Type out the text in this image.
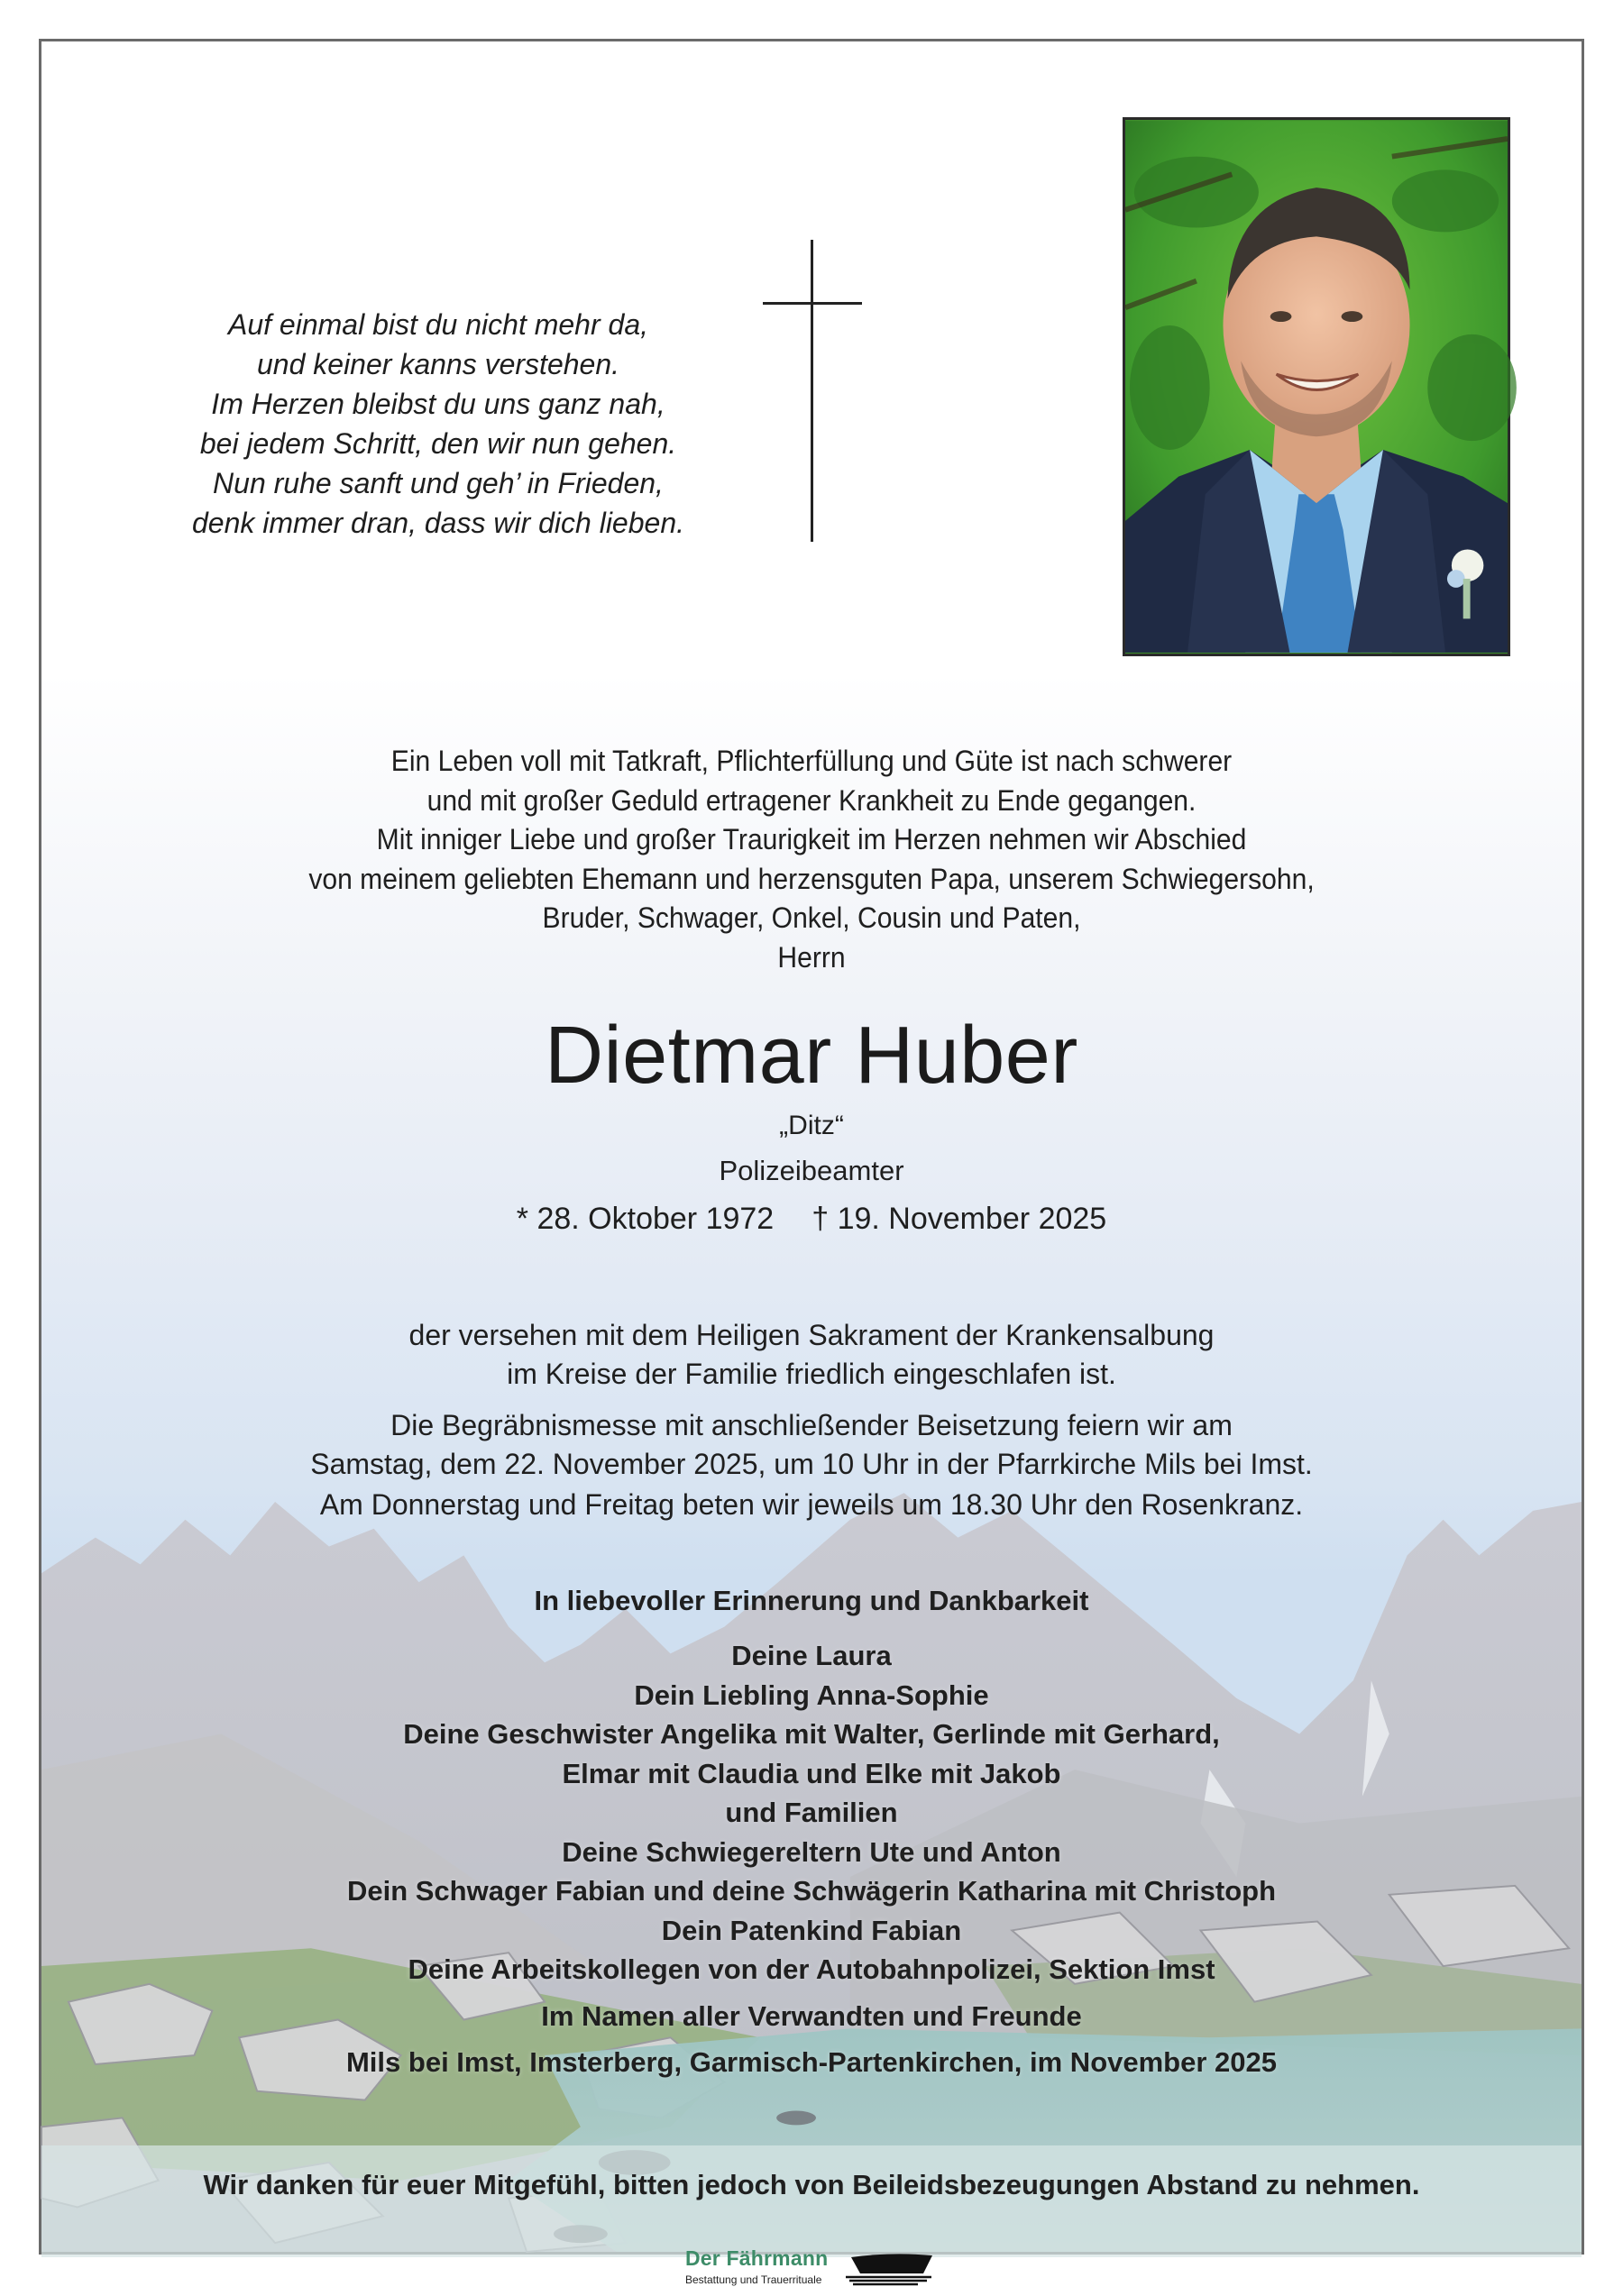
Auf einmal bist du nicht mehr da,
und keiner kanns verstehen.
Im Herzen bleibst du uns ganz nah,
bei jedem Schritt, den wir nun gehen.
Nun ruhe sanft und geh’ in Frieden,
denk immer dran, dass wir dich lieben.
Ein Leben voll mit Tatkraft, Pflichterfüllung und Güte ist nach schwerer
und mit großer Geduld ertragener Krankheit zu Ende gegangen.
Mit inniger Liebe und großer Traurigkeit im Herzen nehmen wir Abschied
von meinem geliebten Ehemann und herzensguten Papa, unserem Schwiegersohn,
Bruder, Schwager, Onkel, Cousin und Paten,
Herrn
Dietmar Huber
„Ditz“
Polizeibeamter
* 28. Oktober 1972 † 19. November 2025
der versehen mit dem Heiligen Sakrament der Krankensalbung
im Kreise der Familie friedlich eingeschlafen ist.
Die Begräbnismesse mit anschließender Beisetzung feiern wir am
Samstag, dem 22. November 2025, um 10 Uhr in der Pfarrkirche Mils bei Imst.
Am Donnerstag und Freitag beten wir jeweils um 18.30 Uhr den Rosenkranz.
In liebevoller Erinnerung und Dankbarkeit
Deine Laura
Dein Liebling Anna-Sophie
Deine Geschwister Angelika mit Walter, Gerlinde mit Gerhard,
Elmar mit Claudia und Elke mit Jakob
und Familien
Deine Schwiegereltern Ute und Anton
Dein Schwager Fabian und deine Schwägerin Katharina mit Christoph
Dein Patenkind Fabian
Deine Arbeitskollegen von der Autobahnpolizei, Sektion Imst
Im Namen aller Verwandten und Freunde
Mils bei Imst, Imsterberg, Garmisch-Partenkirchen, im November 2025
Wir danken für euer Mitgefühl, bitten jedoch von Beileidsbezeugungen Abstand zu nehmen.
Der Fährmann
Bestattung und Trauerrituale
